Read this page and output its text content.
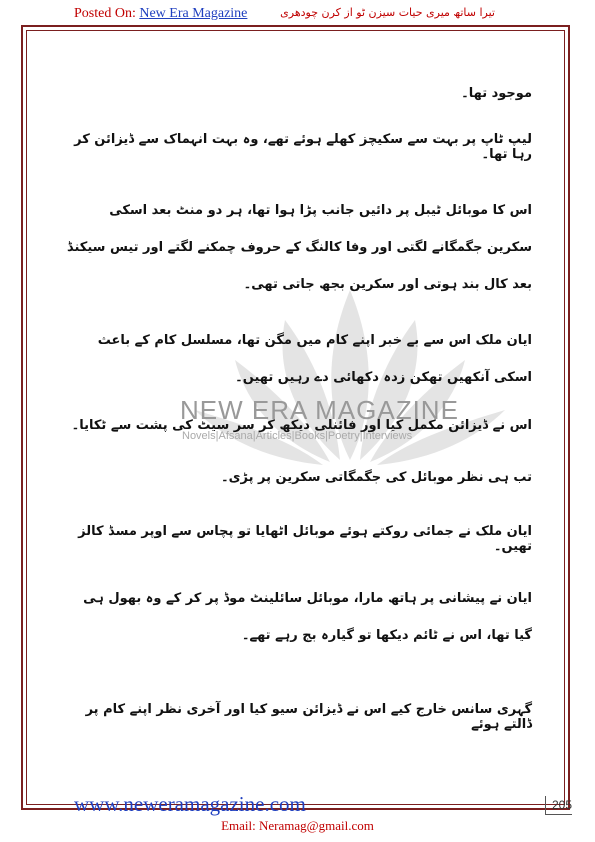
Posted On: New Era Magazine	تیرا ساتھ میری حیات سیزن ٹو از کرن چودھری
NEW ERA MAGAZINE
Novels|Afsana|Articles|Books|Poetry|Interviews

موجود تھا۔

لیپ ٹاپ پر بہت سے سکیچز کھلے ہوئے تھے، وہ بہت انہماک سے ڈیزائن کر رہا تھا۔

اس کا موبائل ٹیبل پر دائیں جانب پڑا ہوا تھا، ہر دو منٹ بعد اسکی سکرین جگمگانے لگتی اور وفا کالنگ کے حروف چمکنے لگتے اور تیس سیکنڈ بعد کال بند ہوتی اور سکرین بجھ جاتی تھی۔

ایان ملک اس سے بے خبر اپنے کام میں مگن تھا، مسلسل کام کے باعث اسکی آنکھیں تھکن زدہ دکھائی دے رہیں تھیں۔

اس نے ڈیزائن مکمل کیا اور فائنلی دیکھ کر سر سیٹ کی پشت سے ٹکایا۔

تب ہی نظر موبائل کی جگمگاتی سکرین پر پڑی۔

ایان ملک نے جمائی روکتے ہوئے موبائل اٹھایا تو پچاس سے اوپر مسڈ کالز تھیں۔

ایان نے پیشانی پر ہاتھ مارا، موبائل سائلینٹ موڈ پر کر کے وہ بھول ہی گیا تھا، اس نے ٹائم دیکھا تو گیارہ بج رہے تھے۔

گہری سانس خارج کیے اس نے ڈیزائن سیو کیا اور آخری نظر اپنے کام پر ڈالتے ہوئے

www.neweramagazine.com	205
Email: Neramag@gmail.com
